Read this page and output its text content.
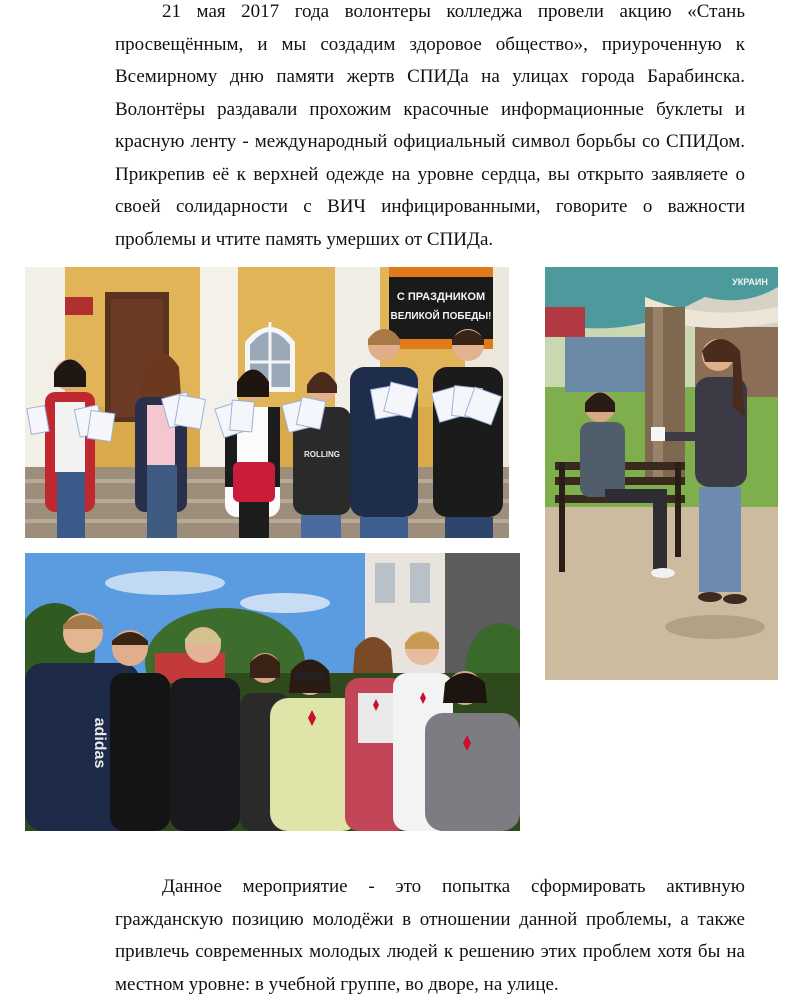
21 мая 2017 года волонтеры колледжа провели акцию «Стань просвещённым, и мы создадим здоровое общество», приуроченную к Всемирному дню памяти жертв СПИДа на улицах города Барабинска. Волонтёры раздавали прохожим красочные информационные буклеты и красную ленту - международный официальный символ борьбы со СПИДом. Прикрепив её к верхней одежде на уровне сердца, вы открыто заявляете о своей солидарности с ВИЧ инфицированными, говорите о важности проблемы и чтите память умерших от СПИДа.

С ПРАЗДНИКОМ
ВЕЛИКОЙ ПОБЕДЫ!
ROLLING
УКРАИН
adidas

Данное мероприятие - это попытка сформировать активную гражданскую позицию молодёжи в отношении данной проблемы, а также привлечь современных молодых людей к решению этих проблем хотя бы на местном уровне: в учебной группе, во дворе, на улице.
